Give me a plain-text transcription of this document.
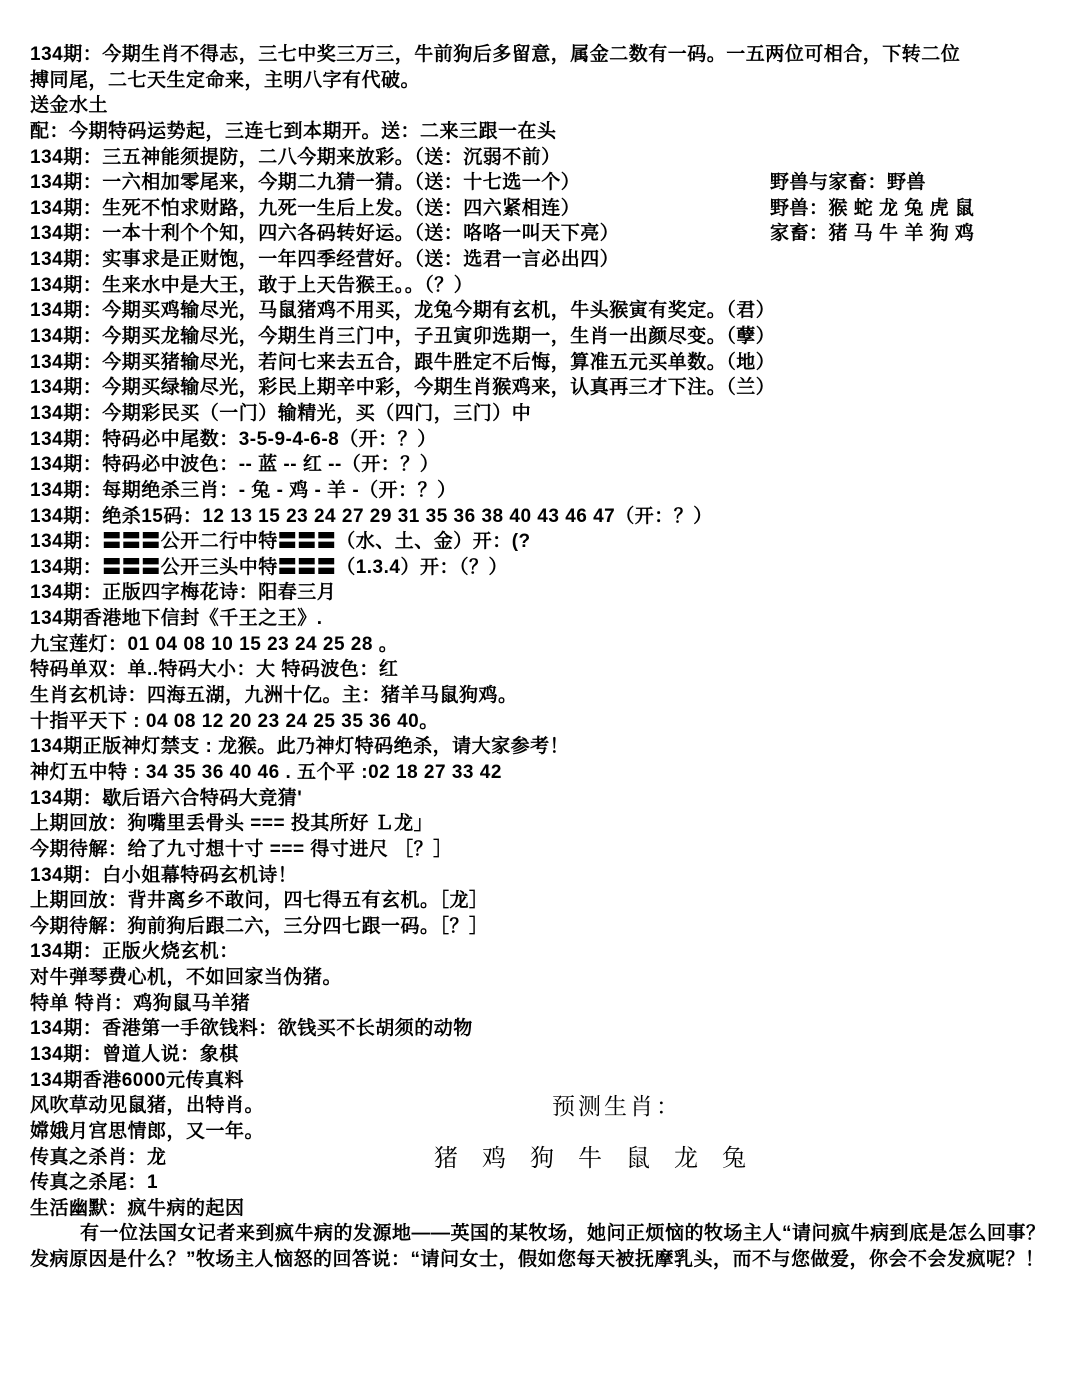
134期：今期生肖不得志，三七中奖三万三，牛前狗后多留意，属金二数有一码。一五两位可相合，下转二位
搏同尾，二七天生定命来，主明八字有代破。
送金水土
配：今期特码运势起，三连七到本期开。送：二来三跟一在头
134期：三五神能须提防，二八今期来放彩。（送：沉弱不前）
134期：一六相加零尾来，今期二九猜一猜。（送：十七选一个）	野兽与家畜：野兽
134期：生死不怕求财路，九死一生后上发。（送：四六紧相连）	野兽：猴 蛇 龙 兔 虎 鼠
134期：一本十利个个知，四六各码转好运。（送：咯咯一叫天下亮）	家畜：猪 马 牛 羊 狗 鸡
134期：实事求是正财饱，一年四季经营好。（送：选君一言必出四）
134期：生来水中是大王，敢于上天告猴王。。（？）
134期：今期买鸡输尽光，马鼠猪鸡不用买，龙兔今期有玄机，牛头猴寅有奖定。（君）
134期：今期买龙输尽光，今期生肖三门中，子丑寅卯选期一，生肖一出颜尽变。（孽）
134期：今期买猪输尽光，若问七来去五合，跟牛胜定不后悔，算准五元买单数。（地）
134期：今期买绿输尽光，彩民上期辛中彩，今期生肖猴鸡来，认真再三才下注。（兰）
134期：今期彩民买（一门）输精光，买（四门，三门）中
134期：特码必中尾数：3-5-9-4-6-8（开：？）
134期：特码必中波色：-- 蓝 -- 红 --（开：？）
134期：每期绝杀三肖：- 兔 - 鸡 - 羊 -（开：？）
134期：绝杀15码：12 13 15 23 24 27 29 31 35 36 38 40 43 46 47（开：？）
134期：〓〓〓公开二行中特〓〓〓（水、土、金）开：(?
134期：〓〓〓公开三头中特〓〓〓（1.3.4）开：（？）
134期：正版四字梅花诗：阳春三月
134期香港地下信封《千王之王》.
九宝莲灯：01 04 08 10 15 23 24 25 28 。
特码单双：单..特码大小：大 特码波色：红
生肖玄机诗：四海五湖，九洲十亿。主：猪羊马鼠狗鸡。
十指平天下 : 04 08 12 20 23 24 25 35 36 40。
134期正版神灯禁支 : 龙猴。此乃神灯特码绝杀，请大家参考！
神灯五中特 : 34 35 36 40 46 . 五个平 :02 18 27 33 42
134期：歇后语六合特码大竞猜'
上期回放：狗嘴里丢骨头 === 投其所好 Ｌ龙」
今期待解：给了九寸想十寸 === 得寸进尺 ［？］
134期：白小姐幕特码玄机诗！
上期回放：背井离乡不敢问，四七得五有玄机。［龙］
今期待解：狗前狗后跟二六，三分四七跟一码。［？］
134期：正版火烧玄机：
对牛弹琴费心机，不如回家当伪猪。
特单 特肖：鸡狗鼠马羊猪
134期：香港第一手欲钱料：欲钱买不长胡须的动物
134期：曾道人说：象棋
134期香港6000元传真料
风吹草动见鼠猪，出特肖。	预测生肖：
嫦娥月宫思情郎，又一年。
传真之杀肖：龙	猪 鸡 狗 牛 鼠 龙 兔
传真之杀尾：1
生活幽默：疯牛病的起因
有一位法国女记者来到疯牛病的发源地——英国的某牧场，她问正烦恼的牧场主人“请问疯牛病到底是怎么回事？
发病原因是什么？”牧场主人恼怒的回答说：“请问女士，假如您每天被抚摩乳头，而不与您做爱，你会不会发疯呢？！
